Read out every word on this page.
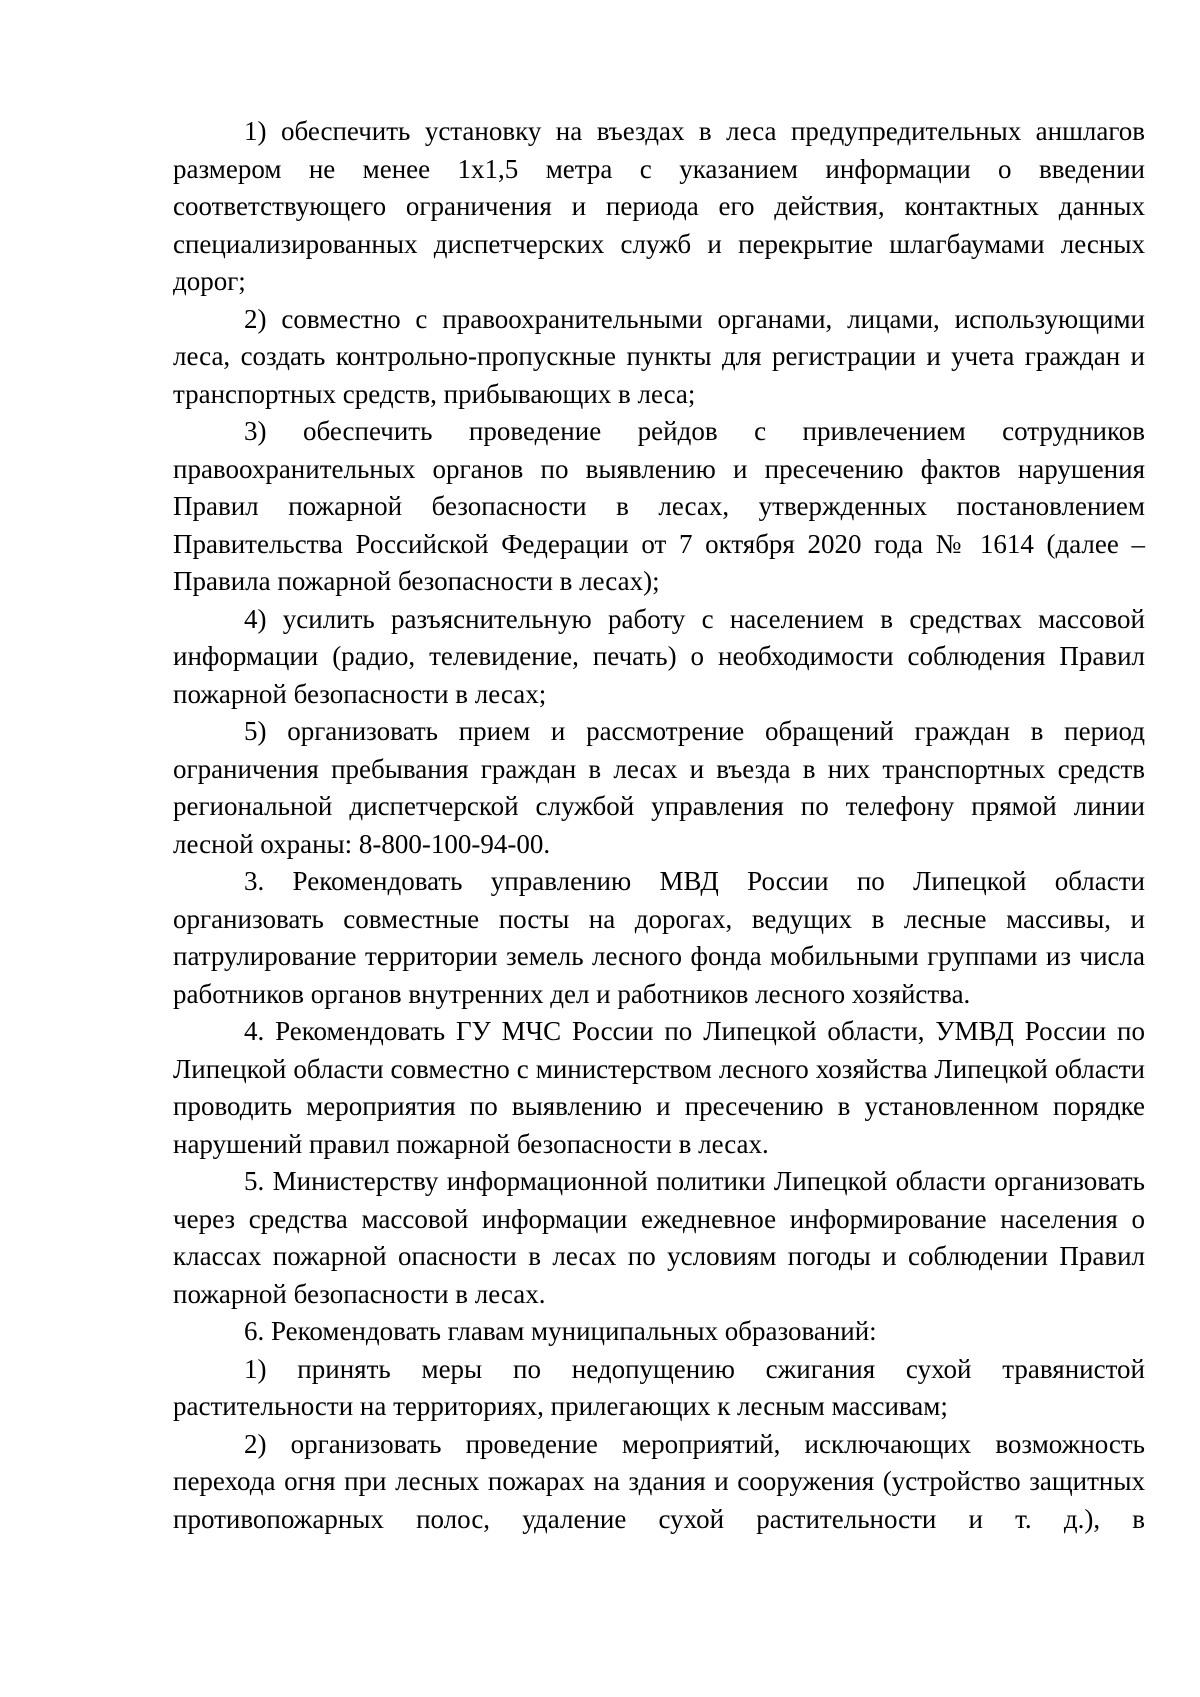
1) обеспечить установку на въездах в леса предупредительных аншлагов размером не менее 1x1,5 метра с указанием информации о введении соответствующего ограничения и периода его действия, контактных данных специализированных диспетчерских служб и перекрытие шлагбаумами лесных дорог;

2) совместно с правоохранительными органами, лицами, использующими леса, создать контрольно-пропускные пункты для регистрации и учета граждан и транспортных средств, прибывающих в леса;

3) обеспечить проведение рейдов с привлечением сотрудников правоохранительных органов по выявлению и пресечению фактов нарушения Правил пожарной безопасности в лесах, утвержденных постановлением Правительства Российской Федерации от 7 октября 2020 года № 1614 (далее – Правила пожарной безопасности в лесах);

4) усилить разъяснительную работу с населением в средствах массовой информации (радио, телевидение, печать) о необходимости соблюдения Правил пожарной безопасности в лесах;

5) организовать прием и рассмотрение обращений граждан в период ограничения пребывания граждан в лесах и въезда в них транспортных средств региональной диспетчерской службой управления по телефону прямой линии лесной охраны: 8-800-100-94-00.

3. Рекомендовать управлению МВД России по Липецкой области организовать совместные посты на дорогах, ведущих в лесные массивы, и патрулирование территории земель лесного фонда мобильными группами из числа работников органов внутренних дел и работников лесного хозяйства.

4. Рекомендовать ГУ МЧС России по Липецкой области, УМВД России по Липецкой области совместно с министерством лесного хозяйства Липецкой области проводить мероприятия по выявлению и пресечению в установленном порядке нарушений правил пожарной безопасности в лесах.

5. Министерству информационной политики Липецкой области организовать через средства массовой информации ежедневное информирование населения о классах пожарной опасности в лесах по условиям погоды и соблюдении Правил пожарной безопасности в лесах.

6. Рекомендовать главам муниципальных образований:

1) принять меры по недопущению сжигания сухой травянистой растительности на территориях, прилегающих к лесным массивам;

2) организовать проведение мероприятий, исключающих возможность перехода огня при лесных пожарах на здания и сооружения (устройство защитных противопожарных полос, удаление сухой растительности и т. д.), в
